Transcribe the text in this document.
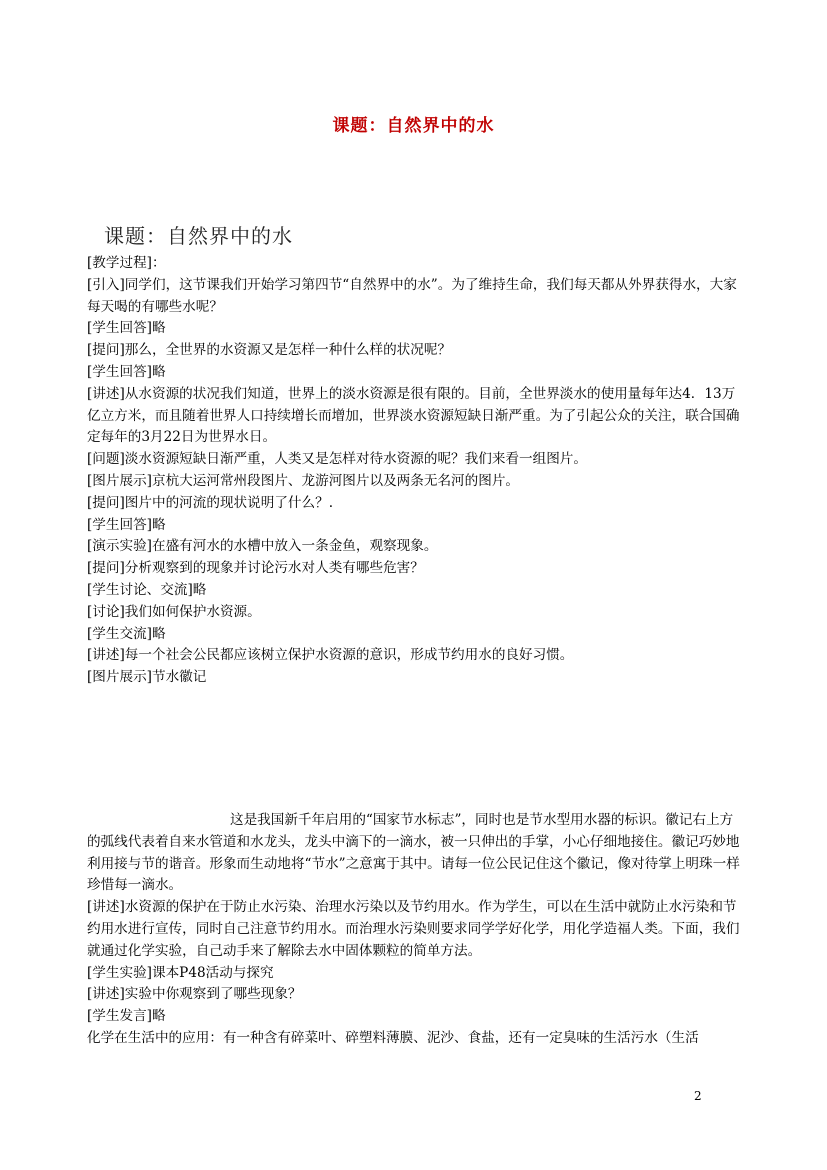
课题：自然界中的水
课题：自然界中的水

[教学过程]：

[引入]同学们，这节课我们开始学习第四节“自然界中的水”。为了维持生命，我们每天都从外界获得水，大家每天喝的有哪些水呢？

[学生回答]略

[提问]那么，全世界的水资源又是怎样一种什么样的状况呢？

[学生回答]略

[讲述]从水资源的状况我们知道，世界上的淡水资源是很有限的。目前，全世界淡水的使用量每年达4．13万亿立方米，而且随着世界人口持续增长而增加，世界淡水资源短缺日渐严重。为了引起公众的关注，联合国确定每年的3月22日为世界水日。

[问题]淡水资源短缺日渐严重，人类又是怎样对待水资源的呢？我们来看一组图片。

[图片展示]京杭大运河常州段图片、龙游河图片以及两条无名河的图片。

[提问]图片中的河流的现状说明了什么？.

[学生回答]略

[演示实验]在盛有河水的水槽中放入一条金鱼，观察现象。

[提问]分析观察到的现象并讨论污水对人类有哪些危害？

[学生讨论、交流]略

[讨论]我们如何保护水资源。

[学生交流]略

[讲述]每一个社会公民都应该树立保护水资源的意识，形成节约用水的良好习惯。

[图片展示]节水徽记

这是我国新千年启用的“国家节水标志”，同时也是节水型用水器的标识。徽记右上方的弧线代表着自来水管道和水龙头，龙头中滴下的一滴水，被一只伸出的手掌，小心仔细地接住。徽记巧妙地利用接与节的谐音。形象而生动地将“节水”之意寓于其中。请每一位公民记住这个徽记，像对待掌上明珠一样珍惜每一滴水。

[讲述]水资源的保护在于防止水污染、治理水污染以及节约用水。作为学生，可以在生活中就防止水污染和节约用水进行宣传，同时自己注意节约用水。而治理水污染则要求同学学好化学，用化学造福人类。下面，我们就通过化学实验，自己动手来了解除去水中固体颗粒的简单方法。

[学生实验]课本P48活动与探究

[讲述]实验中你观察到了哪些现象？

[学生发言]略

化学在生活中的应用：有一种含有碎菜叶、碎塑料薄膜、泥沙、食盐，还有一定臭味的生活污水（生活

2
